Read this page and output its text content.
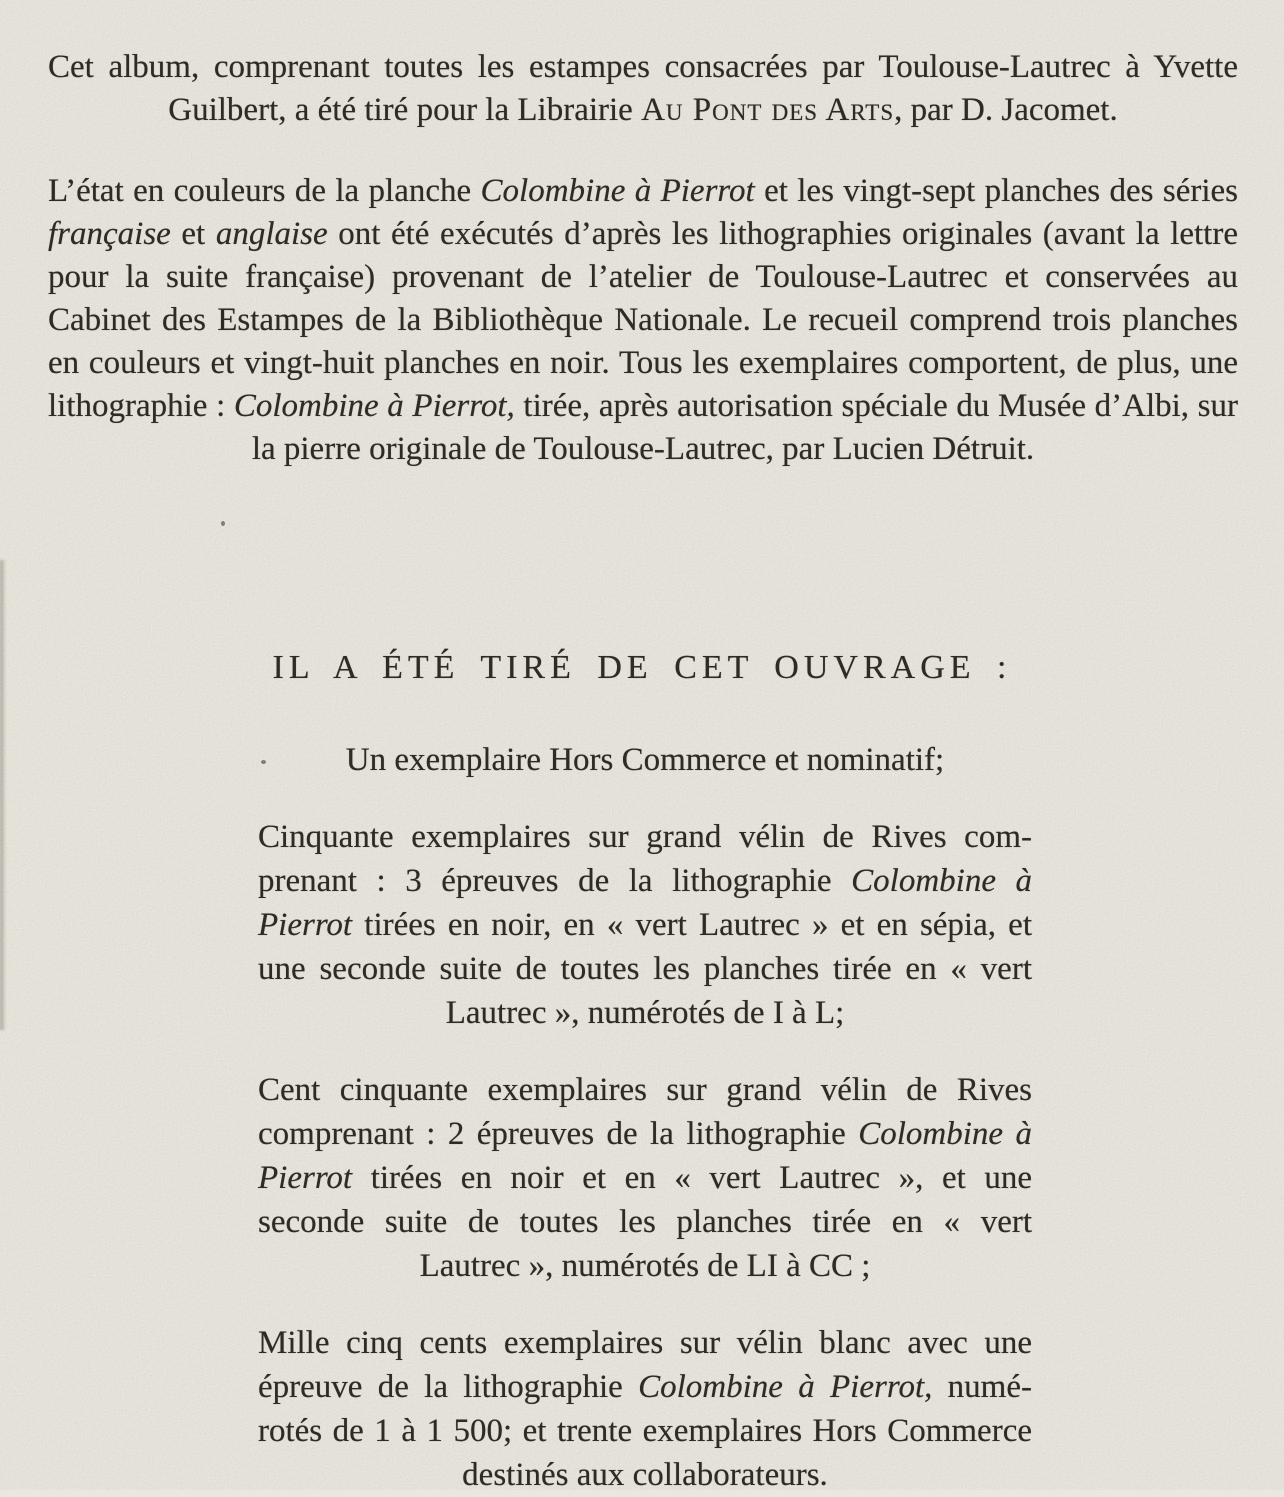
Cet album, comprenant toutes les estampes consacrées par Toulouse-Lautrec à Yvette Guilbert, a été tiré pour la Librairie Au Pont des Arts, par D. Jacomet.

L’état en couleurs de la planche Colombine à Pierrot et les vingt-sept planches des séries française et anglaise ont été exécutés d’après les lithographies originales (avant la lettre pour la suite française) provenant de l’atelier de Toulouse-Lautrec et conservées au Cabinet des Estampes de la Bibliothèque Nationale. Le recueil comprend trois planches en couleurs et vingt-huit planches en noir. Tous les exemplaires comportent, de plus, une lithographie : Colombine à Pierrot, tirée, après autorisation spéciale du Musée d’Albi, sur la pierre originale de Toulouse-Lautrec, par Lucien Détruit.

IL A ÉTÉ TIRÉ DE CET OUVRAGE :

Un exemplaire Hors Commerce et nominatif;

Cinquante exemplaires sur grand vélin de Rives comprenant : 3 épreuves de la lithographie Colombine à Pierrot tirées en noir, en « vert Lautrec » et en sépia, et une seconde suite de toutes les planches tirée en « vert Lautrec », numérotés de I à L;

Cent cinquante exemplaires sur grand vélin de Rives comprenant : 2 épreuves de la lithographie Colombine à Pierrot tirées en noir et en « vert Lautrec », et une seconde suite de toutes les planches tirée en « vert Lautrec », numérotés de LI à CC ;

Mille cinq cents exemplaires sur vélin blanc avec une épreuve de la lithographie Colombine à Pierrot, numérotés de 1 à 1 500; et trente exemplaires Hors Commerce destinés aux collaborateurs.
